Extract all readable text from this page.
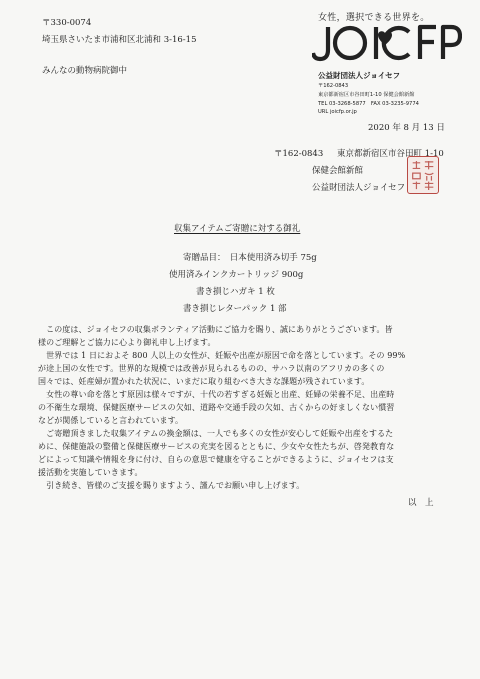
〒330-0074
埼玉県さいたま市浦和区北浦和 3-16-15
みんなの動物病院御中
女性，選択できる世界を。
公益財団法人ジョイセフ
〒162-0843
東京都新宿区市谷田町1-10 保健会館新館
TEL 03-3268-5877　FAX 03-3235-9774
URL joicfp.or.jp
2020 年 8 月 13 日
〒162-0843 東京都新宿区市谷田町 1-10
保健会館新館
公益財団法人ジョイセフ
収集アイテムご寄贈に対する御礼
寄贈品目：　日本使用済み切手 75g
使用済みインクカートリッジ 900g
書き損じハガキ 1 枚
書き損じレターパック 1 部
　この度は、ジョイセフの収集ボランティア活動にご協力を賜り、誠にありがとうございます。皆
様のご理解とご協力に心より御礼申し上げます。
　世界では 1 日におよそ 800 人以上の女性が、妊娠や出産が原因で命を落としています。その 99%
が途上国の女性です。世界的な規模では改善が見られるものの、サハラ以南のアフリカの多くの
国々では、妊産婦が置かれた状況に、いまだに取り組むべき大きな課題が残されています。
　女性の尊い命を落とす原因は様々ですが、十代の若すぎる妊娠と出産、妊婦の栄養不足、出産時
の不衛生な環境、保健医療サービスの欠如、道路や交通手段の欠如、古くからの好ましくない慣習
などが関係していると言われています。
　ご寄贈頂きました収集アイテムの換金額は、一人でも多くの女性が安心して妊娠や出産をするた
めに、保健施設の整備と保健医療サービスの充実を図るとともに、少女や女性たちが、啓発教育な
どによって知識や情報を身に付け、自らの意思で健康を守ることができるように、ジョイセフは支
援活動を実施していきます。
　引き続き、皆様のご支援を賜りますよう、謹んでお願い申し上げます。
以　上
